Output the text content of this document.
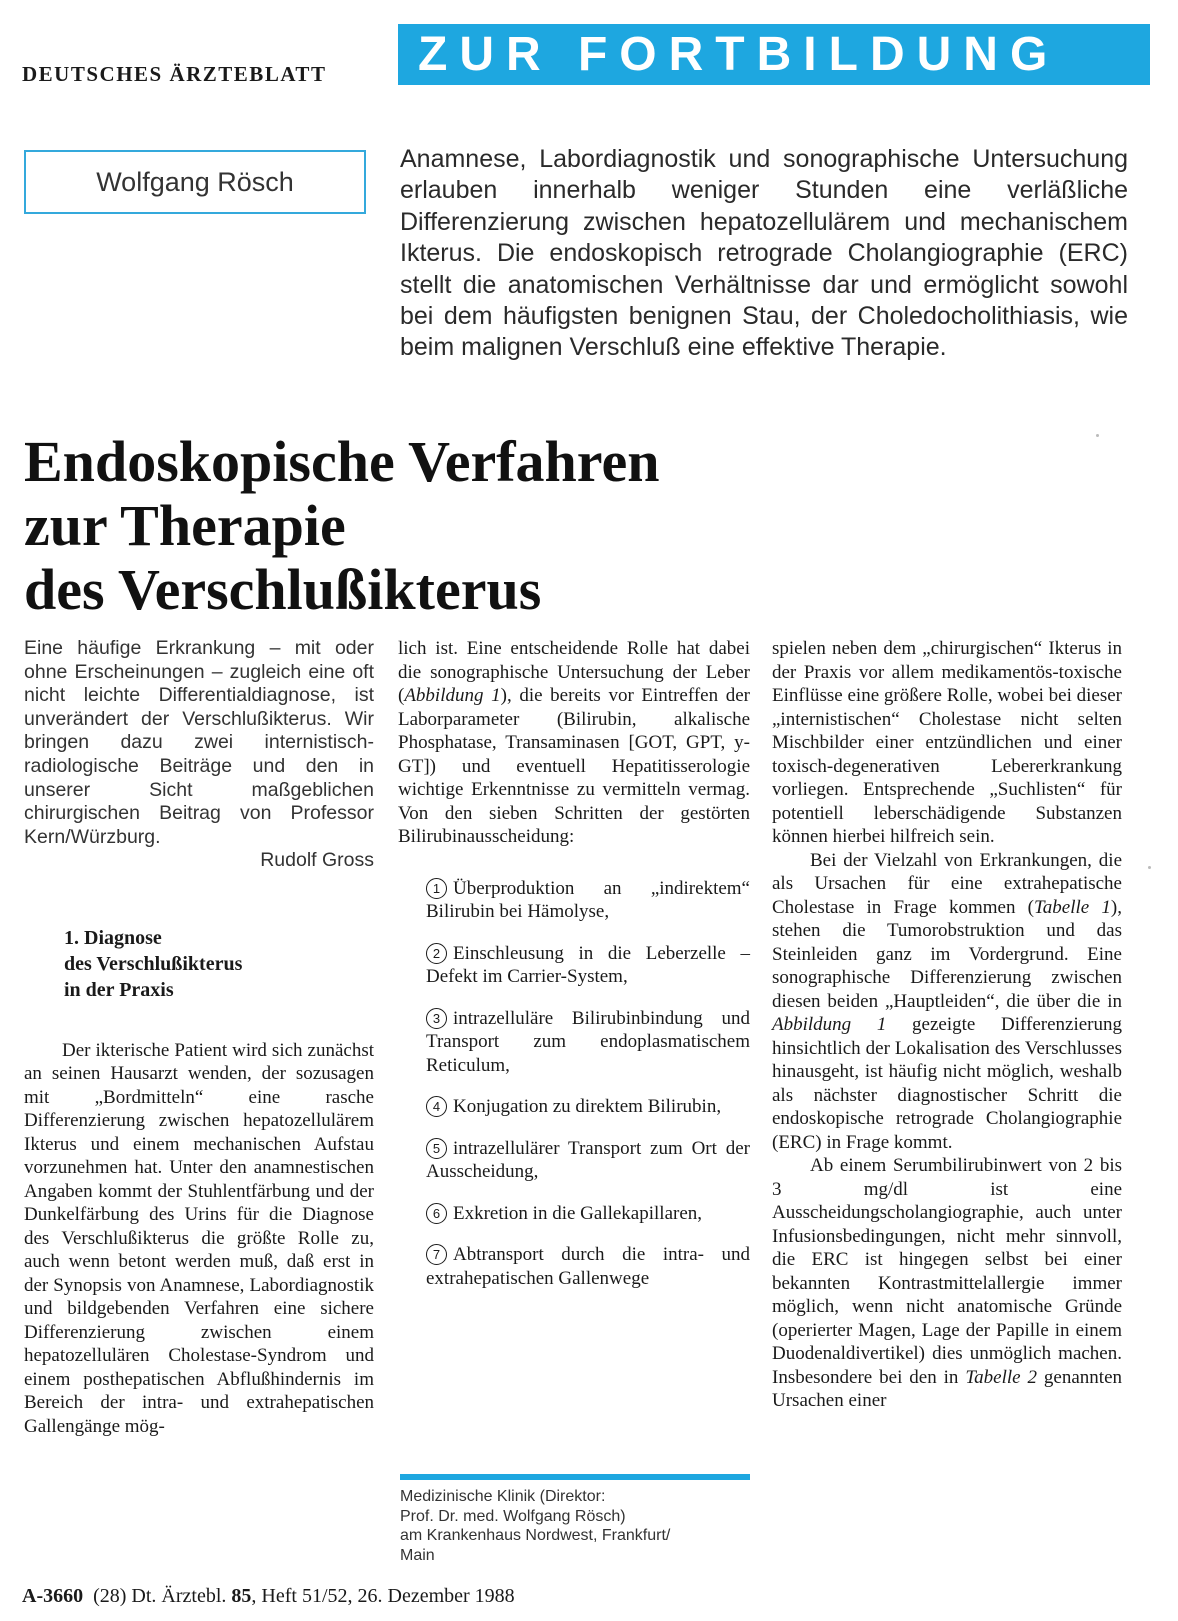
DEUTSCHES ÄRZTEBLATT	ZUR FORTBILDUNG
Wolfgang Rösch

Anamnese, Labordiagnostik und sonographische Untersuchung erlauben innerhalb weniger Stunden eine verläßliche Differenzierung zwischen hepatozellulärem und mechanischem Ikterus. Die endoskopisch retrograde Cholangiographie (ERC) stellt die anatomischen Verhältnisse dar und ermöglicht sowohl bei dem häufigsten benignen Stau, der Choledocholithiasis, wie beim malignen Verschluß eine effektive Therapie.

Endoskopische Verfahren
zur Therapie
des Verschlußikterus

Eine häufige Erkrankung – mit oder ohne Erscheinungen – zugleich eine oft nicht leichte Differentialdiagnose, ist unverändert der Verschlußikterus. Wir bringen dazu zwei internistisch-radiologische Beiträge und den in unserer Sicht maßgeblichen chirurgischen Beitrag von Professor Kern/Würzburg.

Rudolf Gross

1. Diagnose
des Verschlußikterus
in der Praxis

Der ikterische Patient wird sich zunächst an seinen Hausarzt wenden, der sozusagen mit „Bordmitteln“ eine rasche Differenzierung zwischen hepatozellulärem Ikterus und einem mechanischen Aufstau vorzunehmen hat. Unter den anamnestischen Angaben kommt der Stuhlentfärbung und der Dunkelfärbung des Urins für die Diagnose des Verschlußikterus die größte Rolle zu, auch wenn betont werden muß, daß erst in der Synopsis von Anamnese, Labordiagnostik und bildgebenden Verfahren eine sichere Differenzierung zwischen einem hepatozellulären Cholestase-Syndrom und einem posthepatischen Abflußhindernis im Bereich der intra- und extrahepatischen Gallengänge mög-

lich ist. Eine entscheidende Rolle hat dabei die sonographische Untersuchung der Leber (Abbildung 1), die bereits vor Eintreffen der Laborparameter (Bilirubin, alkalische Phosphatase, Transaminasen [GOT, GPT, y-GT]) und eventuell Hepatitisserologie wichtige Erkenntnisse zu vermitteln vermag. Von den sieben Schritten der gestörten Bilirubinausscheidung:

1 Überproduktion an „indirektem“ Bilirubin bei Hämolyse,
2 Einschleusung in die Leberzelle – Defekt im Carrier-System,
3 intrazelluläre Bilirubinbindung und Transport zum endoplasmatischem Reticulum,
4 Konjugation zu direktem Bilirubin,
5 intrazellulärer Transport zum Ort der Ausscheidung,
6 Exkretion in die Gallekapillaren,
7 Abtransport durch die intra- und extrahepatischen Gallenwege
Medizinische Klinik (Direktor:
Prof. Dr. med. Wolfgang Rösch)
am Krankenhaus Nordwest, Frankfurt/
Main

spielen neben dem „chirurgischen“ Ikterus in der Praxis vor allem medikamentös-toxische Einflüsse eine größere Rolle, wobei bei dieser „internistischen“ Cholestase nicht selten Mischbilder einer entzündlichen und einer toxisch-degenerativen Lebererkrankung vorliegen. Entsprechende „Suchlisten“ für potentiell leberschädigende Substanzen können hierbei hilfreich sein.

Bei der Vielzahl von Erkrankungen, die als Ursachen für eine extrahepatische Cholestase in Frage kommen (Tabelle 1), stehen die Tumorobstruktion und das Steinleiden ganz im Vordergrund. Eine sonographische Differenzierung zwischen diesen beiden „Hauptleiden“, die über die in Abbildung 1 gezeigte Differenzierung hinsichtlich der Lokalisation des Verschlusses hinausgeht, ist häufig nicht möglich, weshalb als nächster diagnostischer Schritt die endoskopische retrograde Cholangiographie (ERC) in Frage kommt.

Ab einem Serumbilirubinwert von 2 bis 3 mg/dl ist eine Ausscheidungscholangiographie, auch unter Infusionsbedingungen, nicht mehr sinnvoll, die ERC ist hingegen selbst bei einer bekannten Kontrastmittelallergie immer möglich, wenn nicht anatomische Gründe (operierter Magen, Lage der Papille in einem Duodenaldivertikel) dies unmöglich machen. Insbesondere bei den in Tabelle 2 genannten Ursachen einer

A-3660 (28) Dt. Ärztebl. 85, Heft 51/52, 26. Dezember 1988
